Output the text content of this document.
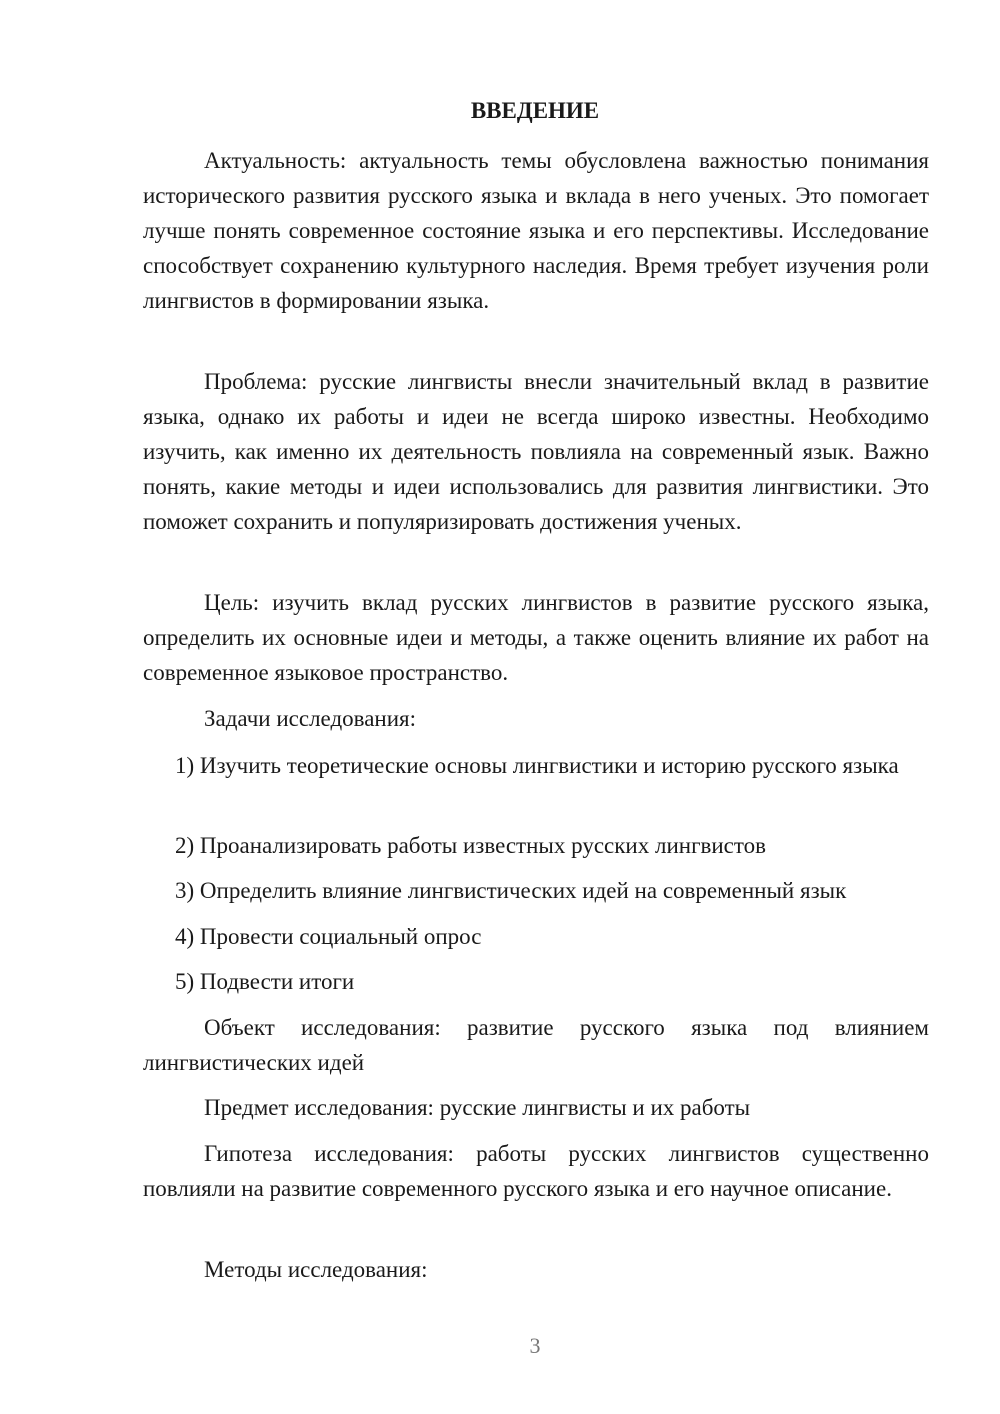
ВВЕДЕНИЕ

Актуальность: актуальность темы обусловлена важностью понимания исторического развития русского языка и вклада в него ученых. Это помогает лучше понять современное состояние языка и его перспективы. Исследование способствует сохранению культурного наследия. Время требует изучения роли лингвистов в формировании языка.

Проблема: русские лингвисты внесли значительный вклад в развитие языка, однако их работы и идеи не всегда широко известны. Необходимо изучить, как именно их деятельность повлияла на современный язык. Важно понять, какие методы и идеи использовались для развития лингвистики. Это поможет сохранить и популяризировать достижения ученых.

Цель: изучить вклад русских лингвистов в развитие русского языка, определить их основные идеи и методы, а также оценить влияние их работ на современное языковое пространство.

Задачи исследования:

1) Изучить теоретические основы лингвистики и историю русского языка

2) Проанализировать работы известных русских лингвистов

3) Определить влияние лингвистических идей на современный язык

4) Провести социальный опрос

5) Подвести итоги

Объект исследования: развитие русского языка под влиянием лингвистических идей

Предмет исследования: русские лингвисты и их работы

Гипотеза исследования: работы русских лингвистов существенно повлияли на развитие современного русского языка и его научное описание.

Методы исследования:

3
